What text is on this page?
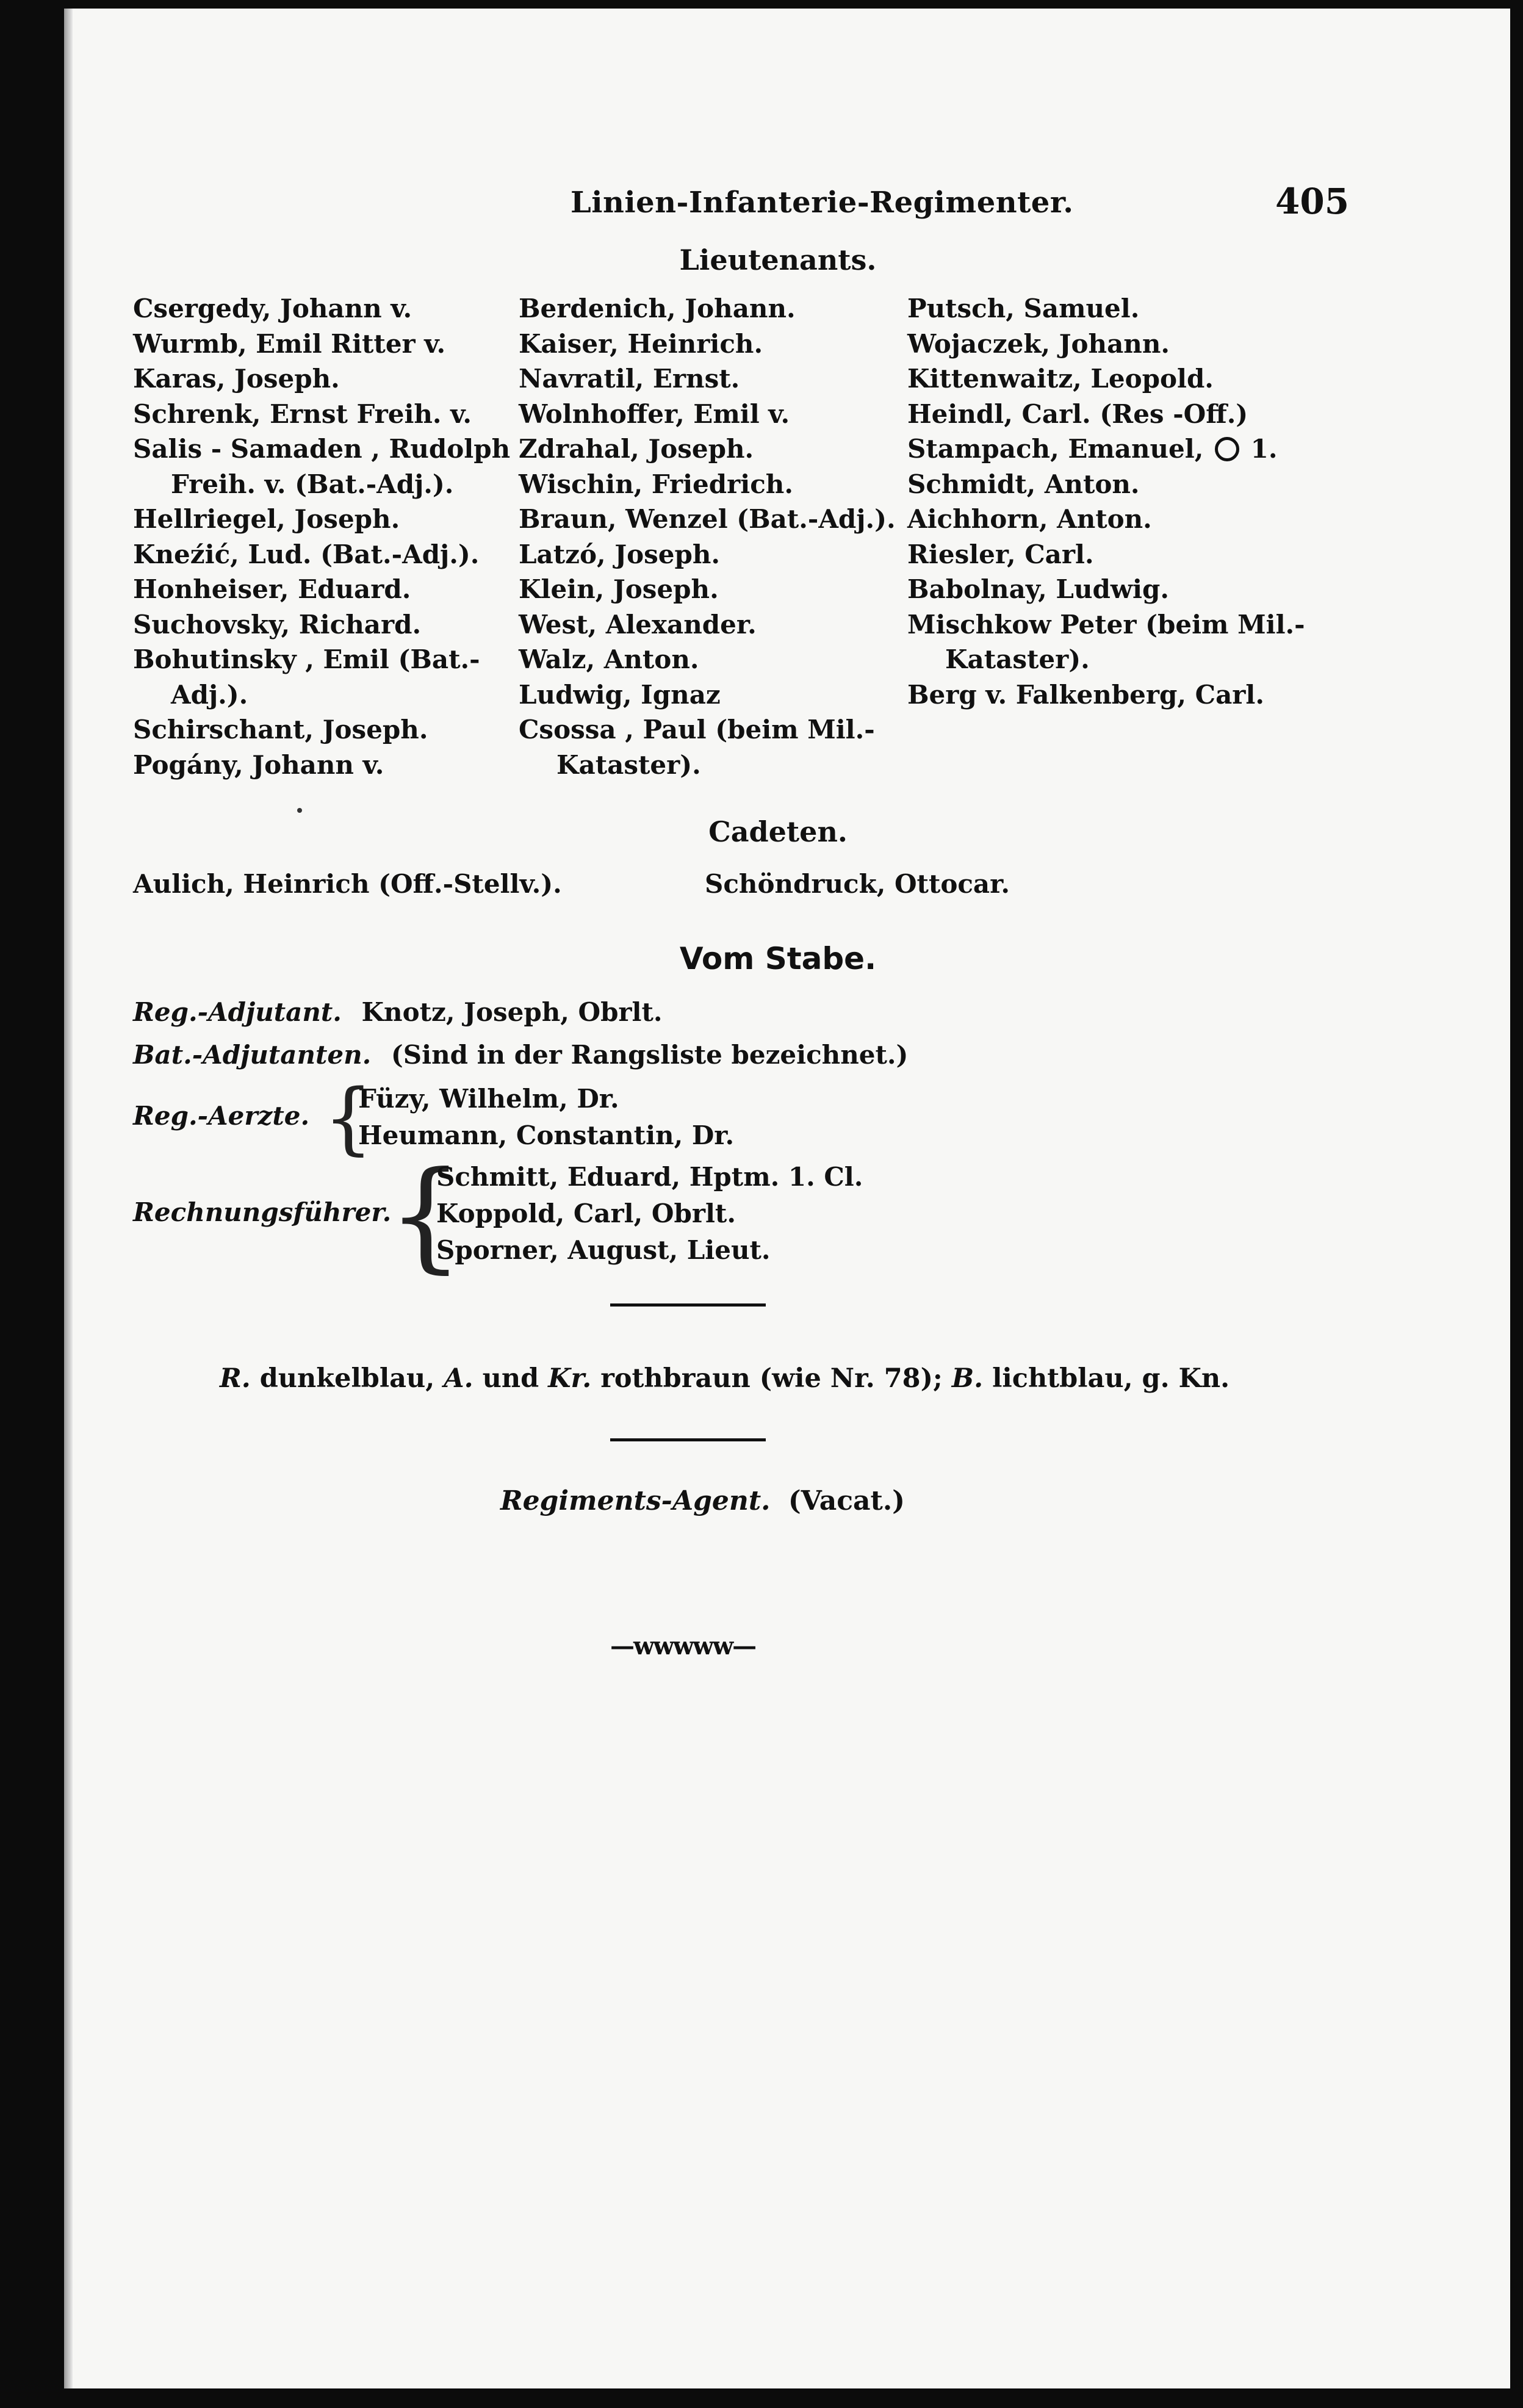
Linien-Infanterie-Regimenter.	405
Lieutenants.
Csergedy, Johann v.
Wurmb, Emil Ritter v.
Karas, Joseph.
Schrenk, Ernst Freih. v.
Salis - Samaden , Rudolph
Freih. v. (Bat.-Adj.).
Hellriegel, Joseph.
Kneźić, Lud. (Bat.-Adj.).
Honheiser, Eduard.
Suchovsky, Richard.
Bohutinsky , Emil (Bat.-
Adj.).
Schirschant, Joseph.
Pogány, Johann v.
Berdenich, Johann.
Kaiser, Heinrich.
Navratil, Ernst.
Wolnhoffer, Emil v.
Zdrahal, Joseph.
Wischin, Friedrich.
Braun, Wenzel (Bat.-Adj.).
Latzó, Joseph.
Klein, Joseph.
West, Alexander.
Walz, Anton.
Ludwig, Ignaz
Csossa , Paul (beim Mil.-
Kataster).
Putsch, Samuel.
Wojaczek, Johann.
Kittenwaitz, Leopold.
Heindl, Carl. (Res -Off.)
Stampach, Emanuel, 1.
Schmidt, Anton.
Aichhorn, Anton.
Riesler, Carl.
Babolnay, Ludwig.
Mischkow Peter (beim Mil.-
Kataster).
Berg v. Falkenberg, Carl.
Cadeten.
Aulich, Heinrich (Off.-Stellv.).	Schöndruck, Ottocar.
Vom Stabe.
Reg.-Adjutant. Knotz, Joseph, Obrlt.
Bat.-Adjutanten. (Sind in der Rangsliste bezeichnet.)
Reg.-Aerzte. {
Füzy, Wilhelm, Dr.
Heumann, Constantin, Dr.
Rechnungsführer.
{
Schmitt, Eduard, Hptm. 1. Cl.
Koppold, Carl, Obrlt.
Sporner, August, Lieut.
R. dunkelblau, A. und Kr. rothbraun (wie Nr. 78); B. lichtblau, g. Kn.
Regiments-Agent. (Vacat.)
—ᴡᴡᴡᴡᴡ—
